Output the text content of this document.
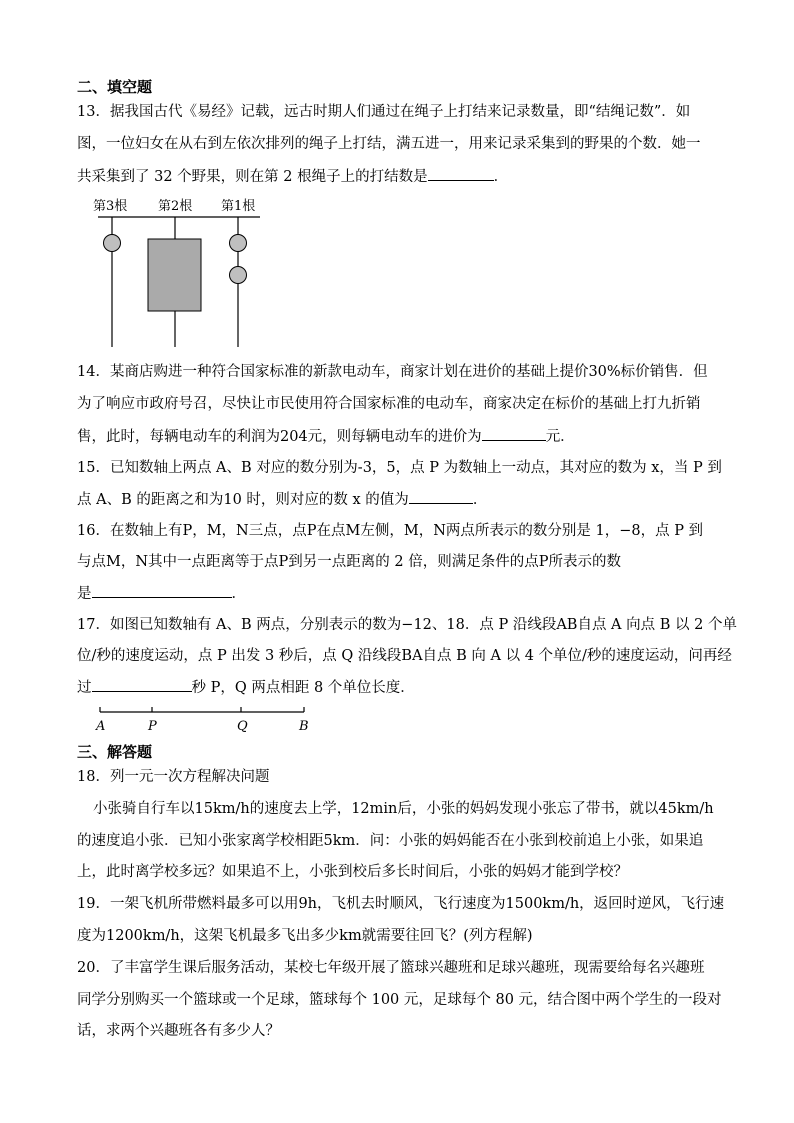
二、填空题
13．据我国古代《易经》记载，远古时期人们通过在绳子上打结来记录数量，即“结绳记数”．如
图，一位妇女在从右到左依次排列的绳子上打结，满五进一，用来记录采集到的野果的个数．她一
共采集到了 32 个野果，则在第 2 根绳子上的打结数是	．
第3根 第2根 第1根
14．某商店购进一种符合国家标准的新款电动车，商家计划在进价的基础上提价30%标价销售．但
为了响应市政府号召，尽快让市民使用符合国家标准的电动车，商家决定在标价的基础上打九折销
售，此时，每辆电动车的利润为204元，则每辆电动车的进价为	元．
15．已知数轴上两点 A、B 对应的数分别为-3，5，点 P 为数轴上一动点，其对应的数为 x，当 P 到
点 A、B 的距离之和为10 时，则对应的数 x 的值为	．
16．在数轴上有P，M，N三点，点P在点M左侧，M，N两点所表示的数分别是 1，−8，点 P 到
与点M，N其中一点距离等于点P到另一点距离的 2 倍，则满足条件的点P所表示的数
是	．
17．如图已知数轴有 A、B 两点，分别表示的数为−12、18．点 P 沿线段AB自点 A 向点 B 以 2 个单
位/秒的速度运动，点 P 出发 3 秒后，点 Q 沿线段BA自点 B 向 A 以 4 个单位/秒的速度运动，问再经
过	秒 P，Q 两点相距 8 个单位长度．
A	P	Q	B
三、解答题
18．列一元一次方程解决问题
小张骑自行车以15km/h的速度去上学，12min后，小张的妈妈发现小张忘了带书，就以45km/h
的速度追小张．已知小张家离学校相距5km．问：小张的妈妈能否在小张到校前追上小张，如果追
上，此时离学校多远？如果追不上，小张到校后多长时间后，小张的妈妈才能到学校？
19．一架飞机所带燃料最多可以用9h，飞机去时顺风，飞行速度为1500km/h，返回时逆风，飞行速
度为1200km/h，这架飞机最多飞出多少km就需要往回飞？(列方程解)
20．了丰富学生课后服务活动，某校七年级开展了篮球兴趣班和足球兴趣班，现需要给每名兴趣班
同学分别购买一个篮球或一个足球，篮球每个 100 元，足球每个 80 元，结合图中两个学生的一段对
话，求两个兴趣班各有多少人？
